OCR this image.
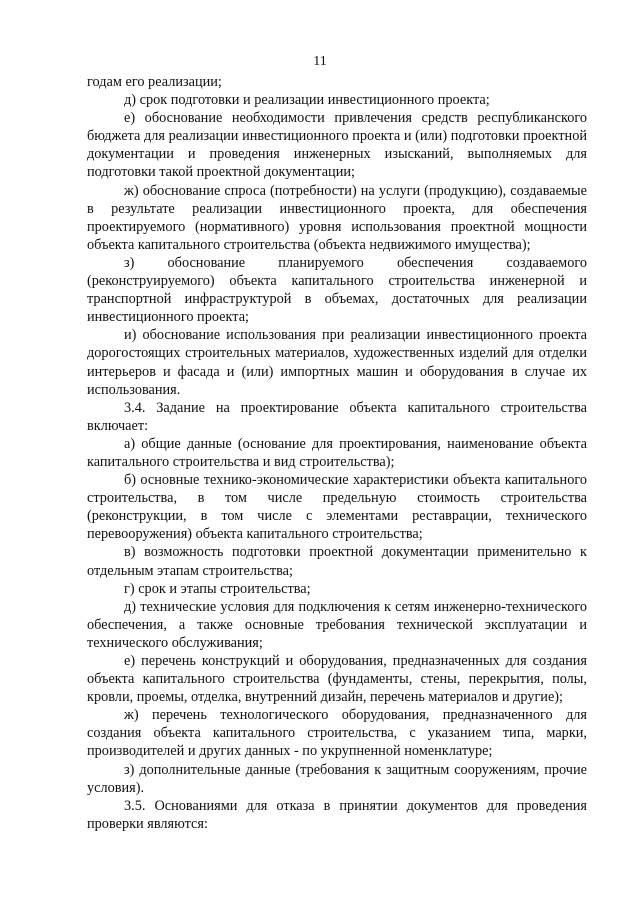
11

годам его реализации;

д) срок подготовки и реализации инвестиционного проекта;

е) обоснование необходимости привлечения средств республиканского бюджета для реализации инвестиционного проекта и (или) подготовки проектной документации и проведения инженерных изысканий, выполняемых для подготовки такой проектной документации;

ж) обоснование спроса (потребности) на услуги (продукцию), создаваемые в результате реализации инвестиционного проекта, для обеспечения проектируемого (нормативного) уровня использования проектной мощности объекта капитального строительства (объекта недвижимого имущества);

з) обоснование планируемого обеспечения создаваемого (реконструируемого) объекта капитального строительства инженерной и транспортной инфраструктурой в объемах, достаточных для реализации инвестиционного проекта;

и) обоснование использования при реализации инвестиционного проекта дорогостоящих строительных материалов, художественных изделий для отделки интерьеров и фасада и (или) импортных машин и оборудования в случае их использования.

3.4. Задание на проектирование объекта капитального строительства включает:

а) общие данные (основание для проектирования, наименование объекта капитального строительства и вид строительства);

б) основные технико-экономические характеристики объекта капитального строительства, в том числе предельную стоимость строительства (реконструкции, в том числе с элементами реставрации, технического перевооружения) объекта капитального строительства;

в) возможность подготовки проектной документации применительно к отдельным этапам строительства;

г) срок и этапы строительства;

д) технические условия для подключения к сетям инженерно-технического обеспечения, а также основные требования технической эксплуатации и технического обслуживания;

е) перечень конструкций и оборудования, предназначенных для создания объекта капитального строительства (фундаменты, стены, перекрытия, полы, кровли, проемы, отделка, внутренний дизайн, перечень материалов и другие);

ж) перечень технологического оборудования, предназначенного для создания объекта капитального строительства, с указанием типа, марки, производителей и других данных - по укрупненной номенклатуре;

з) дополнительные данные (требования к защитным сооружениям, прочие условия).

3.5. Основаниями для отказа в принятии документов для проведения проверки являются:
